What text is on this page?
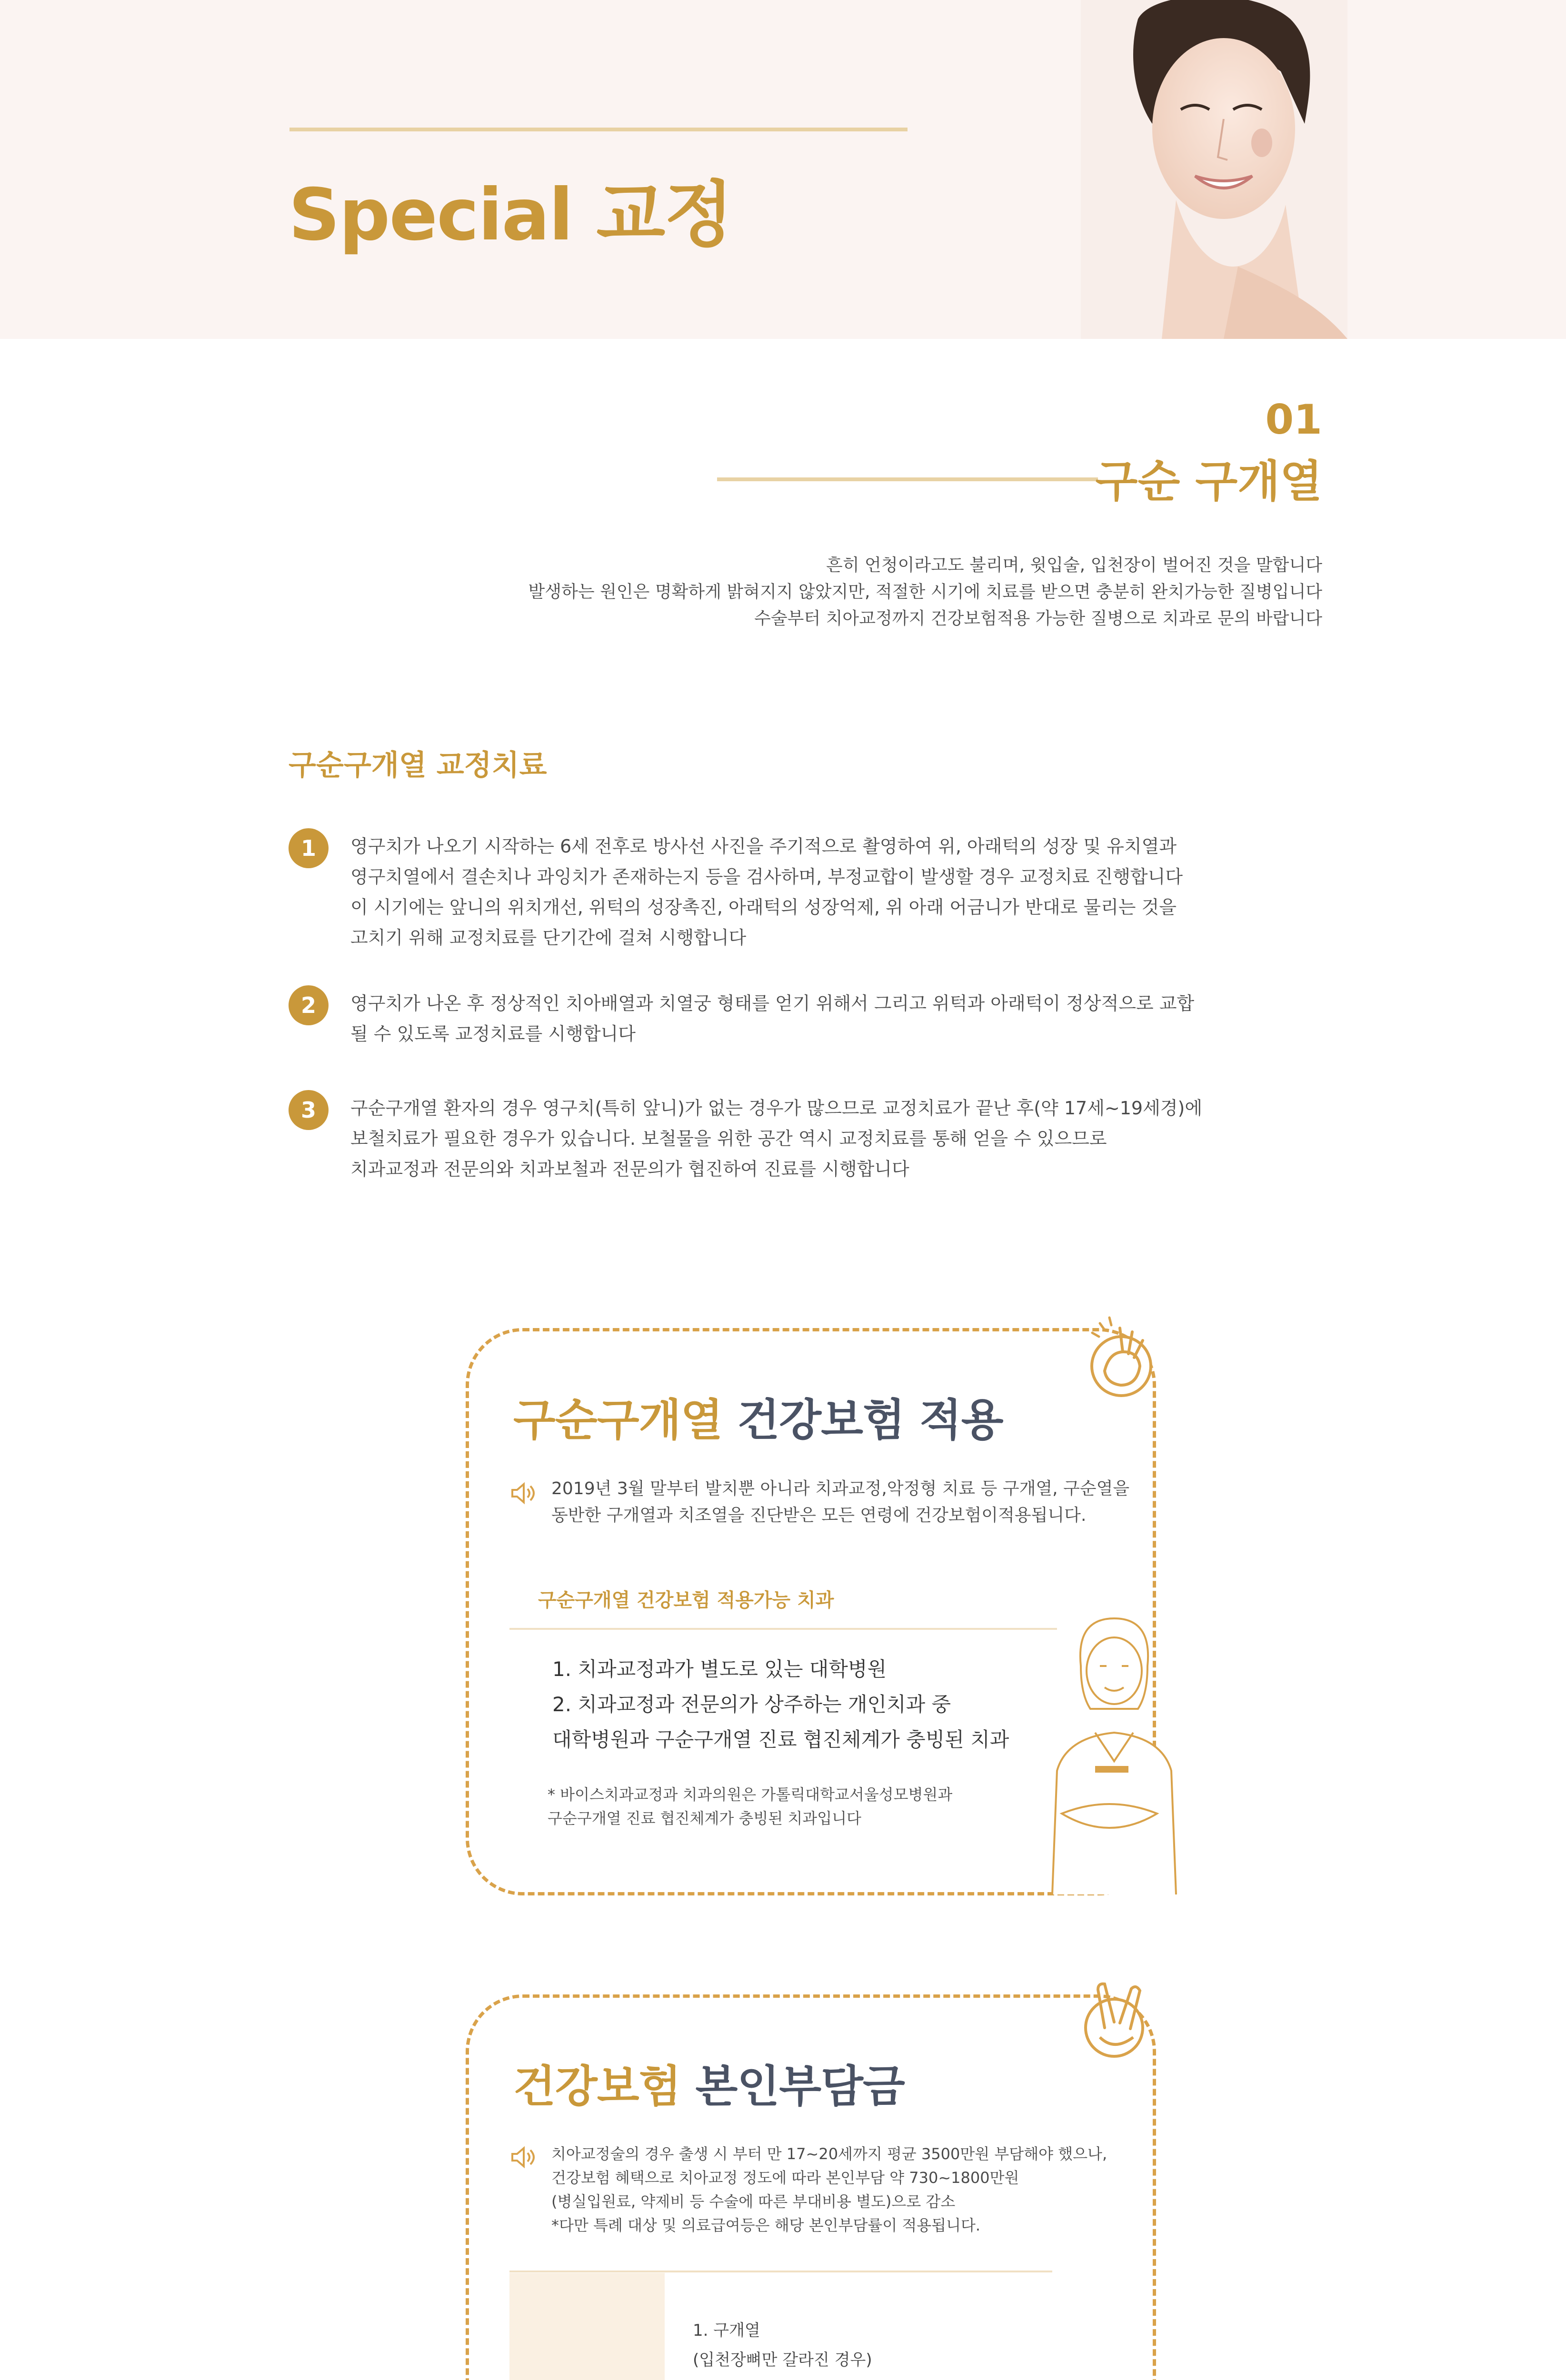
Special 교정
01
구순 구개열
흔히 언청이라고도 불리며, 윗입술, 입천장이 벌어진 것을 말합니다
발생하는 원인은 명확하게 밝혀지지 않았지만, 적절한 시기에 치료를 받으면 충분히 완치가능한 질병입니다
수술부터 치아교정까지 건강보험적용 가능한 질병으로 치과로 문의 바랍니다
구순구개열 교정치료
1	영구치가 나오기 시작하는 6세 전후로 방사선 사진을 주기적으로 촬영하여 위, 아래턱의 성장 및 유치열과
영구치열에서 결손치나 과잉치가 존재하는지 등을 검사하며, 부정교합이 발생할 경우 교정치료 진행합니다
이 시기에는 앞니의 위치개선, 위턱의 성장촉진, 아래턱의 성장억제, 위 아래 어금니가 반대로 물리는 것을
고치기 위해 교정치료를 단기간에 걸쳐 시행합니다
2	영구치가 나온 후 정상적인 치아배열과 치열궁 형태를 얻기 위해서 그리고 위턱과 아래턱이 정상적으로 교합
될 수 있도록 교정치료를 시행합니다
3	구순구개열 환자의 경우 영구치(특히 앞니)가 없는 경우가 많으므로 교정치료가 끝난 후(약 17세~19세경)에
보철치료가 필요한 경우가 있습니다. 보철물을 위한 공간 역시 교정치료를 통해 얻을 수 있으므로
치과교정과 전문의와 치과보철과 전문의가 협진하여 진료를 시행합니다
구순구개열 건강보험 적용
2019년 3월 말부터 발치뿐 아니라 치과교정,악정형 치료 등 구개열, 구순열을
동반한 구개열과 치조열을 진단받은 모든 연령에 건강보험이적용됩니다.
구순구개열 건강보험 적용가능 치과
1. 치과교정과가 별도로 있는 대학병원
2. 치과교정과 전문의가 상주하는 개인치과 중
대학병원과 구순구개열 진료 협진체계가 충빙된 치과
* 바이스치과교정과 치과의원은 가톨릭대학교서울성모병원과
구순구개열 진료 협진체계가 충빙된 치과입니다
건강보험 본인부담금
치아교정술의 경우 출생 시 부터 만 17~20세까지 평균 3500만원 부담해야 했으나,
건강보험 혜택으로 치아교정 정도에 따라 본인부담 약 730~1800만원
(병실입원료, 약제비 등 수술에 따른 부대비용 별도)으로 감소
*다만 특례 대상 및 의료급여등은 해당 본인부담률이 적용됩니다.
1. 구개열
(입천장뼈만 갈라진 경우)
